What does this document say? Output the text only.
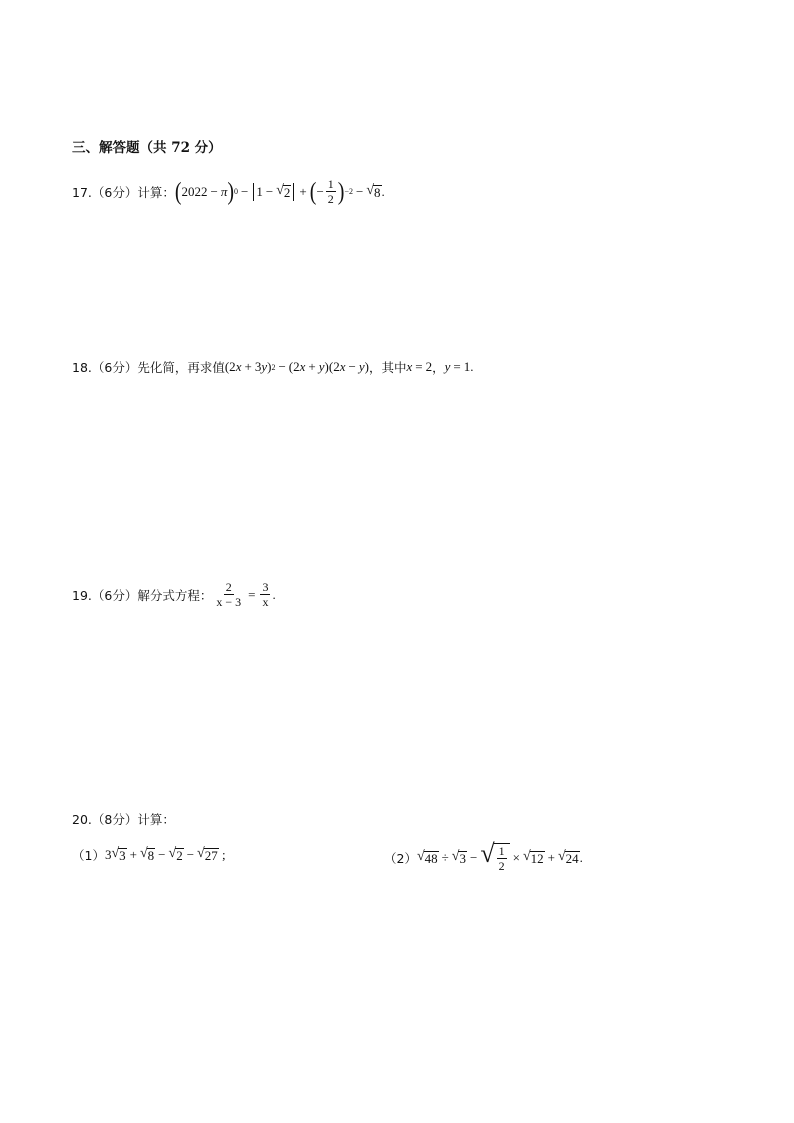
三、解答题（共 72 分）
17.（6分）计算： ( 2022 − π ) 0 − 1 − √ 2 + ( − $\frac{1}{2}$ ) −2 − √ 8 .
18.（6分）先化简，再求值 (2 x + 3 y ) 2 − (2 x + y )(2 x − y ) ，其中 x = 2 ， y = 1.
19.（6分）解分式方程： $\frac{2}{x - 3} = \frac{3}{x}$ .
20.（8分）计算：
（1） 3 √ 3 + √ 8 − √ 2 − √ 27 ;	（2） √ 48 ÷ √ 3 − √ $\frac{1}{2}$ × √ 12 + √ 24 .
